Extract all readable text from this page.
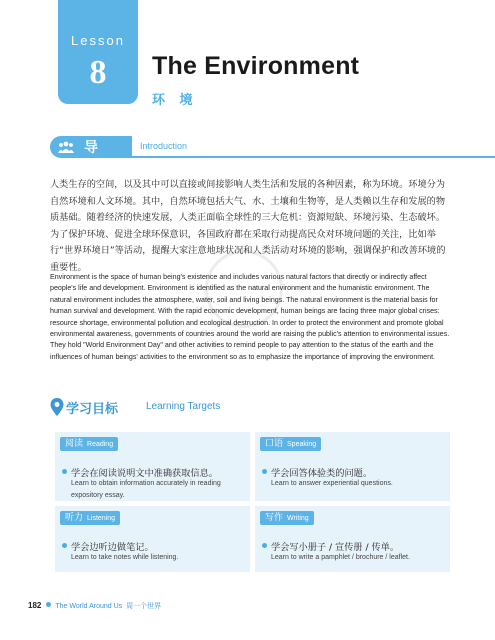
Lesson
8	The Environment
环 境
导 入
Introduction
人类生存的空间，以及其中可以直接或间接影响人类生活和发展的各种因素，称为环境。环境分为自然环境和人文环境。其中，自然环境包括大气、水、土壤和生物等，是人类赖以生存和发展的物质基础。随着经济的快速发展，人类正面临全球性的三大危机：资源短缺、环境污染、生态破坏。为了保护环境、促进全球环保意识，各国政府都在采取行动提高民众对环境问题的关注，比如举行“世界环境日”等活动，提醒大家注意地球状况和人类活动对环境的影响，强调保护和改善环境的重要性。
Environment is the space of human being's existence and includes various natural factors that directly or indirectly affect people's life and development. Environment is identified as the natural environment and the humanistic environment. The natural environment includes the atmosphere, water, soil and living beings. The natural environment is the material basis for human survival and development. With the rapid economic development, human beings are facing three major global crises: resource shortage, environmental pollution and ecological destruction. In order to protect the environment and promote global environmental awareness, governments of countries around the world are raising the public's attention to environmental issues. They hold "World Environment Day" and other activities to remind people to pay attention to the status of the earth and the influences of human beings' activities to the environment so as to emphasize the importance of improving the environment.
学习目标	Learning Targets
阅读 Reading
学会在阅读说明文中准确获取信息。
Learn to obtain information accurately in reading expository essay.
口语 Speaking
学会回答体验类的问题。
Learn to answer experiential questions.
听力 Listening
学会边听边做笔记。
Learn to take notes while listening.
写作 Writing
学会写小册子 / 宣传册 / 传单。
Learn to write a pamphlet / brochure / leaflet.
182 The World Around Us 周一个世界
